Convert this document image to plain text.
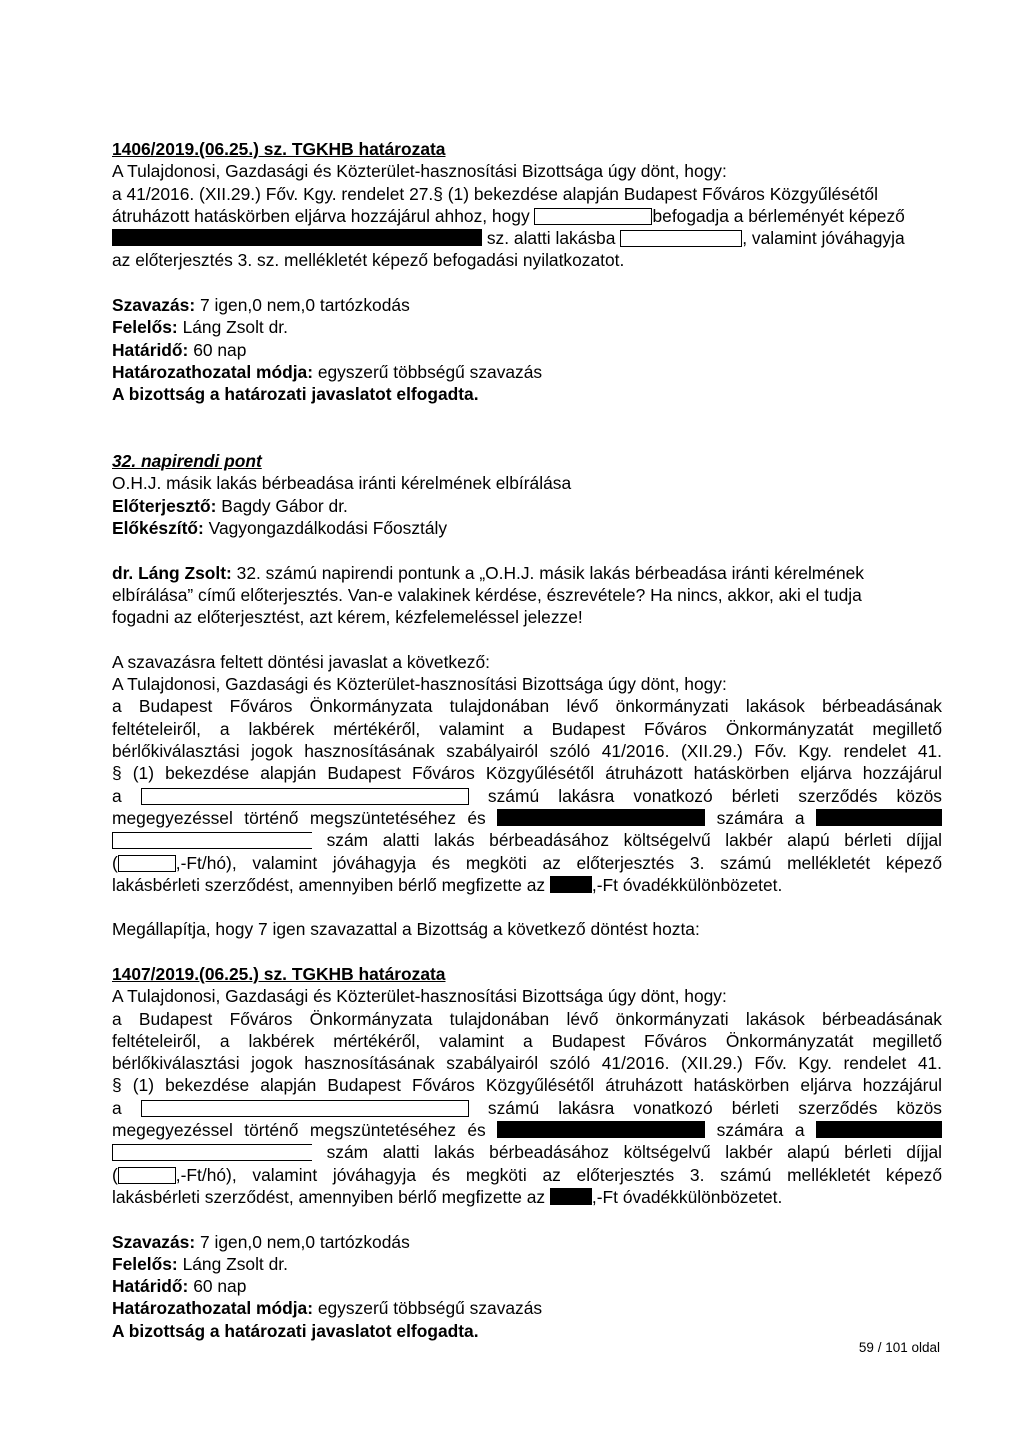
1406/2019.(06.25.) sz. TGKHB határozata
A Tulajdonosi, Gazdasági és Közterület-hasznosítási Bizottsága úgy dönt, hogy:
a 41/2016. (XII.29.) Főv. Kgy. rendelet 27.§ (1) bekezdése alapján Budapest Főváros Közgyűlésétől
átruházott hatáskörben eljárva hozzájárul ahhoz, hogy	befogadja a bérleményét képező
sz. alatti lakásba	, valamint jóváhagyja
az előterjesztés 3. sz. mellékletét képező befogadási nyilatkozatot.
Szavazás: 7 igen,0 nem,0 tartózkodás
Felelős: Láng Zsolt dr.
Határidő: 60 nap
Határozathozatal módja: egyszerű többségű szavazás
A bizottság a határozati javaslatot elfogadta.
32. napirendi pont
O.H.J. másik lakás bérbeadása iránti kérelmének elbírálása
Előterjesztő: Bagdy Gábor dr.
Előkészítő: Vagyongazdálkodási Főosztály
dr. Láng Zsolt: 32. számú napirendi pontunk a „O.H.J. másik lakás bérbeadása iránti kérelmének
elbírálása” című előterjesztés. Van-e valakinek kérdése, észrevétele? Ha nincs, akkor, aki el tudja
fogadni az előterjesztést, azt kérem, kézfelemeléssel jelezze!
A szavazásra feltett döntési javaslat a következő:
A Tulajdonosi, Gazdasági és Közterület-hasznosítási Bizottsága úgy dönt, hogy:
a Budapest Főváros Önkormányzata tulajdonában lévő önkormányzati lakások bérbeadásának
feltételeiről, a lakbérek mértékéről, valamint a Budapest Főváros Önkormányzatát megillető
bérlőkiválasztási jogok hasznosításának szabályairól szóló 41/2016. (XII.29.) Főv. Kgy. rendelet 41.
§ (1) bekezdése alapján Budapest Főváros Közgyűlésétől átruházott hatáskörben eljárva hozzájárul
a	számú lakásra vonatkozó bérleti szerződés közös
megegyezéssel történő megszüntetéséhez és	számára a
szám alatti lakás bérbeadásához költségelvű lakbér alapú bérleti díjjal
(	,-Ft/hó), valamint jóváhagyja és megköti az előterjesztés 3. számú mellékletét képező
lakásbérleti szerződést, amennyiben bérlő megfizette az	,-Ft óvadékkülönbözetet.
Megállapítja, hogy 7 igen szavazattal a Bizottság a következő döntést hozta:
1407/2019.(06.25.) sz. TGKHB határozata
A Tulajdonosi, Gazdasági és Közterület-hasznosítási Bizottsága úgy dönt, hogy:
a Budapest Főváros Önkormányzata tulajdonában lévő önkormányzati lakások bérbeadásának
feltételeiről, a lakbérek mértékéről, valamint a Budapest Főváros Önkormányzatát megillető
bérlőkiválasztási jogok hasznosításának szabályairól szóló 41/2016. (XII.29.) Főv. Kgy. rendelet 41.
§ (1) bekezdése alapján Budapest Főváros Közgyűlésétől átruházott hatáskörben eljárva hozzájárul
a	számú lakásra vonatkozó bérleti szerződés közös
megegyezéssel történő megszüntetéséhez és	számára a
szám alatti lakás bérbeadásához költségelvű lakbér alapú bérleti díjjal
(	,-Ft/hó), valamint jóváhagyja és megköti az előterjesztés 3. számú mellékletét képező
lakásbérleti szerződést, amennyiben bérlő megfizette az	,-Ft óvadékkülönbözetet.
Szavazás: 7 igen,0 nem,0 tartózkodás
Felelős: Láng Zsolt dr.
Határidő: 60 nap
Határozathozatal módja: egyszerű többségű szavazás
A bizottság a határozati javaslatot elfogadta.
59 / 101 oldal
